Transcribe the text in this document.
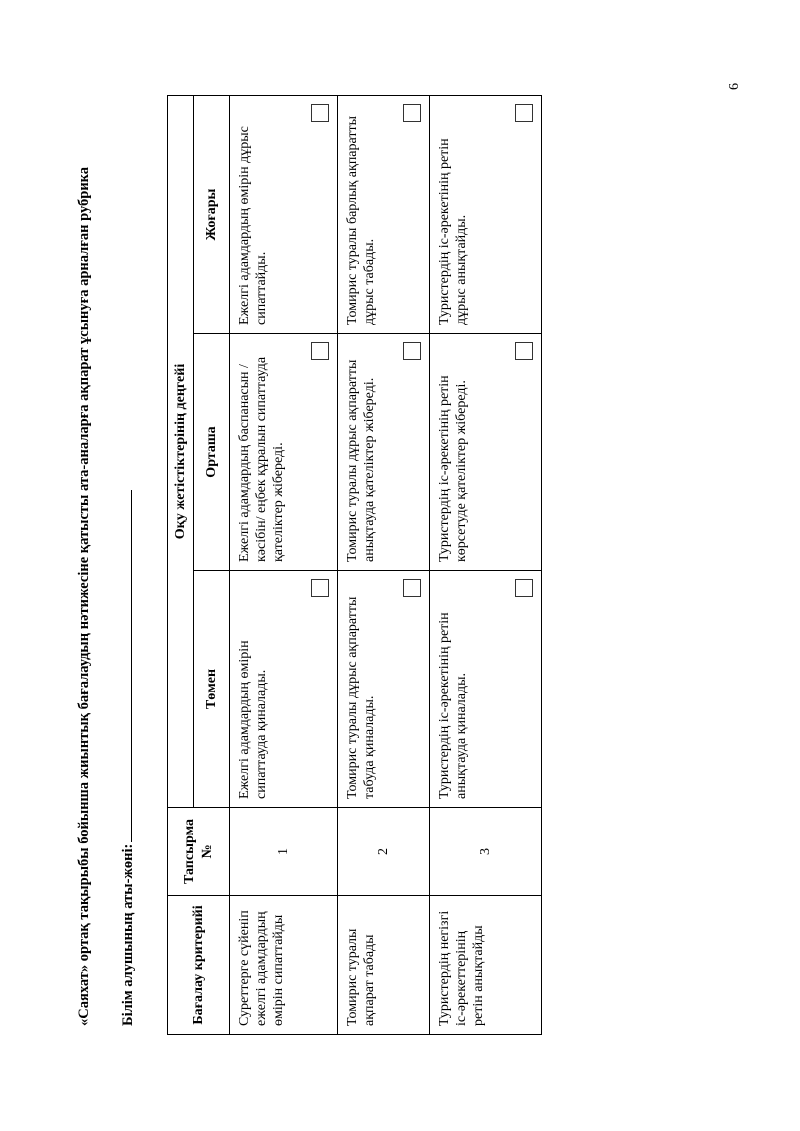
«Саяхат» ортақ тақырыбы бойынша жиынтық бағалаудың нәтижесіне қатысты ата-аналарға ақпарат ұсынуға арналған рубрика Білім алушының аты-жөні:	Бағалау критерийі	Тапсырма №	Оқу жетістіктерінің деңгейі		
		Төмен	Орташа	Жоғары
Суреттерге сүйеніп ежелгі адамдардың өмірін сипаттайды	1	Ежелгі адамдардың өмірін сипаттауда қиналады.	Ежелгі адамдардың баспанасын / кәсібін/ еңбек құралын сипаттауда қателіктер жібереді.	Ежелгі адамдардың өмірін дұрыс сипаттайды.

Томирис туралы ақпарат табады	2	Томирис туралы дұрыс ақпаратты табуда қиналады.	Томирис туралы дұрыс ақпаратты анықтауда қателіктер жібереді.	Томирис туралы барлық ақпаратты дұрыс табады.

Туристердің негізгі іс-әрекеттерінің ретін анықтайды	3	Туристердің іс-әрекетінің ретін анықтауда қиналады.	Туристердің іс-әрекетінің ретін көрсетуде қателіктер жібереді.	Туристердің іс-әрекетінің ретін дұрыс анықтайды.
6
